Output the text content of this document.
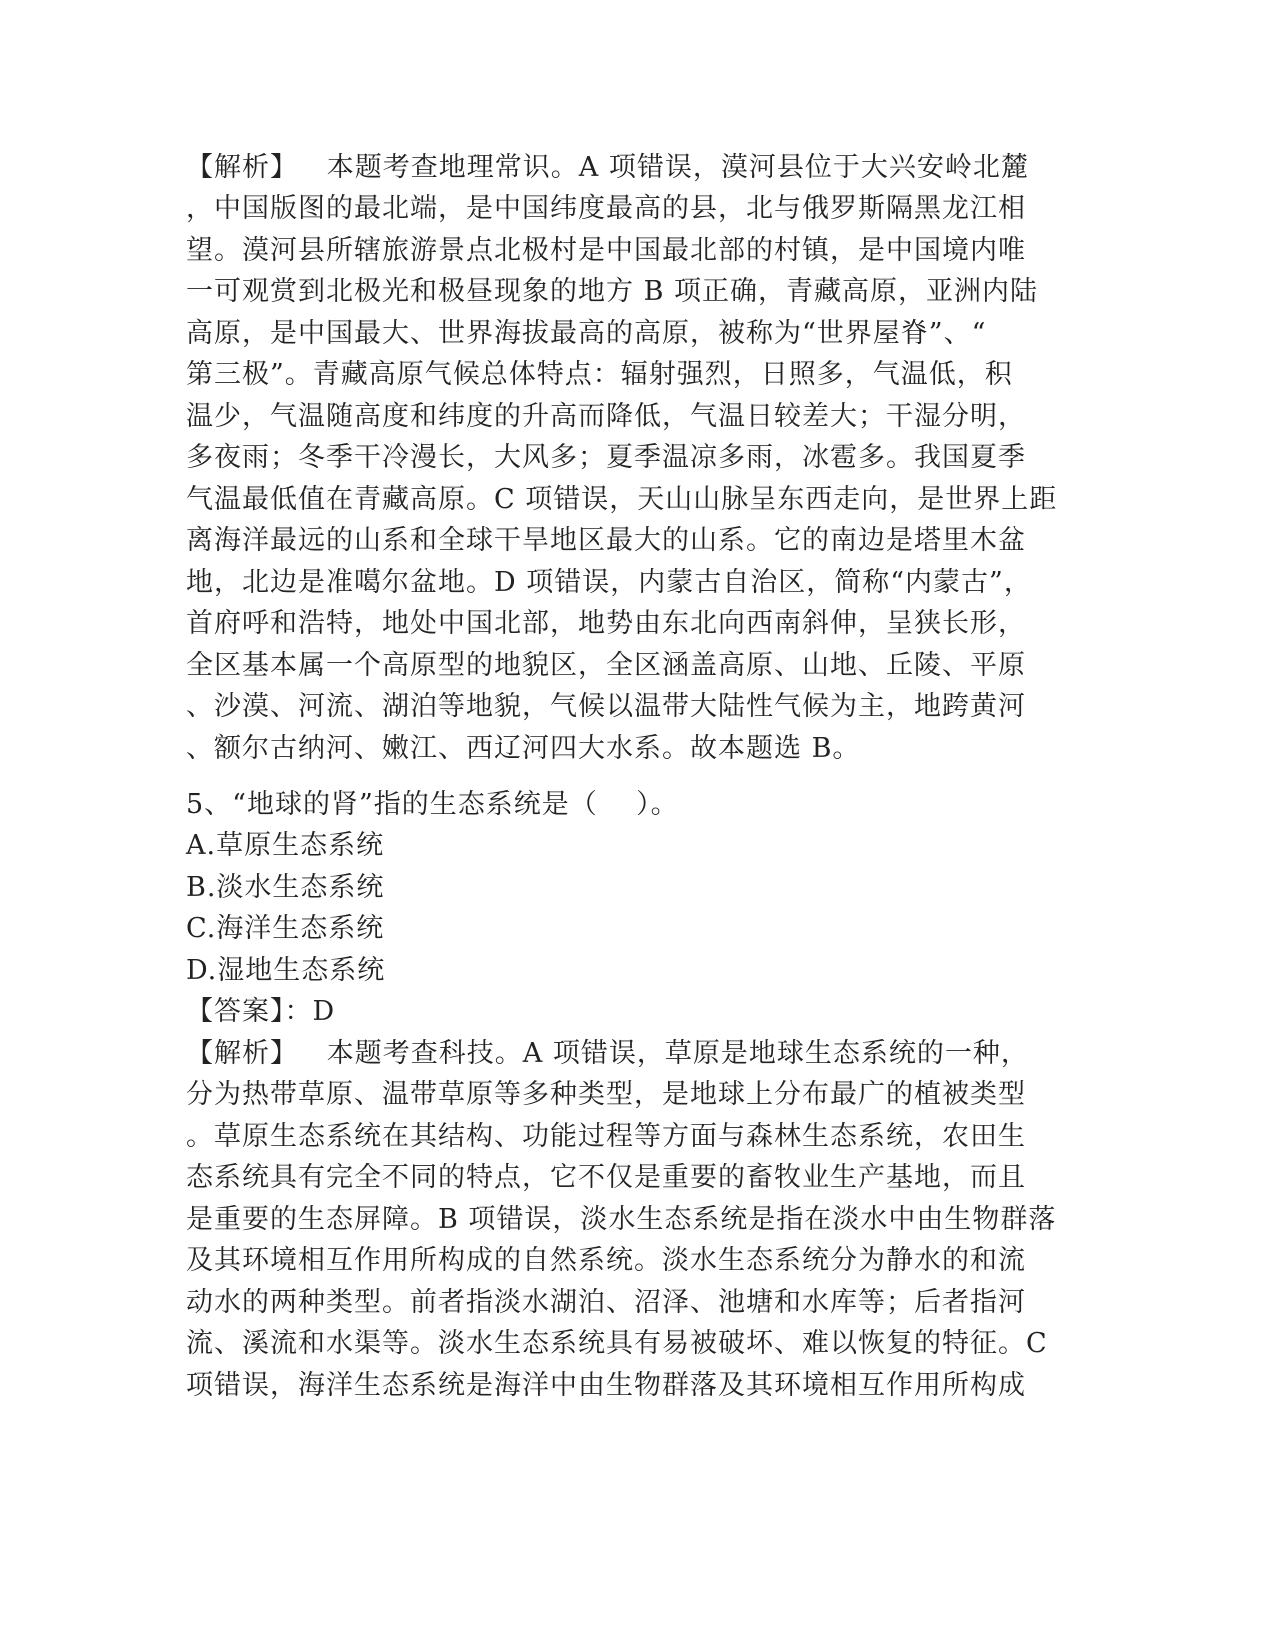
【解析】   本题考查地理常识。A 项错误，漠河县位于大兴安岭北麓
，中国版图的最北端，是中国纬度最高的县，北与俄罗斯隔黑龙江相
望。漠河县所辖旅游景点北极村是中国最北部的村镇，是中国境内唯
一可观赏到北极光和极昼现象的地方 B 项正确，青藏高原，亚洲内陆
高原，是中国最大、世界海拔最高的高原，被称为“世界屋脊”、“
第三极”。青藏高原气候总体特点：辐射强烈，日照多，气温低，积
温少，气温随高度和纬度的升高而降低，气温日较差大；干湿分明，
多夜雨；冬季干冷漫长，大风多；夏季温凉多雨，冰雹多。我国夏季
气温最低值在青藏高原。C 项错误，天山山脉呈东西走向，是世界上距
离海洋最远的山系和全球干旱地区最大的山系。它的南边是塔里木盆
地，北边是准噶尔盆地。D 项错误，内蒙古自治区，简称“内蒙古”，
首府呼和浩特，地处中国北部，地势由东北向西南斜伸，呈狭长形，
全区基本属一个高原型的地貌区，全区涵盖高原、山地、丘陵、平原
、沙漠、河流、湖泊等地貌，气候以温带大陆性气候为主，地跨黄河
、额尔古纳河、嫩江、西辽河四大水系。故本题选 B。
5、“地球的肾”指的生态系统是（    ）。
A.草原生态系统
B.淡水生态系统
C.海洋生态系统
D.湿地生态系统
【答案】：D
【解析】   本题考查科技。A 项错误，草原是地球生态系统的一种，
分为热带草原、温带草原等多种类型，是地球上分布最广的植被类型
。草原生态系统在其结构、功能过程等方面与森林生态系统，农田生
态系统具有完全不同的特点，它不仅是重要的畜牧业生产基地，而且
是重要的生态屏障。B 项错误，淡水生态系统是指在淡水中由生物群落
及其环境相互作用所构成的自然系统。淡水生态系统分为静水的和流
动水的两种类型。前者指淡水湖泊、沼泽、池塘和水库等；后者指河
流、溪流和水渠等。淡水生态系统具有易被破坏、难以恢复的特征。C
项错误，海洋生态系统是海洋中由生物群落及其环境相互作用所构成
